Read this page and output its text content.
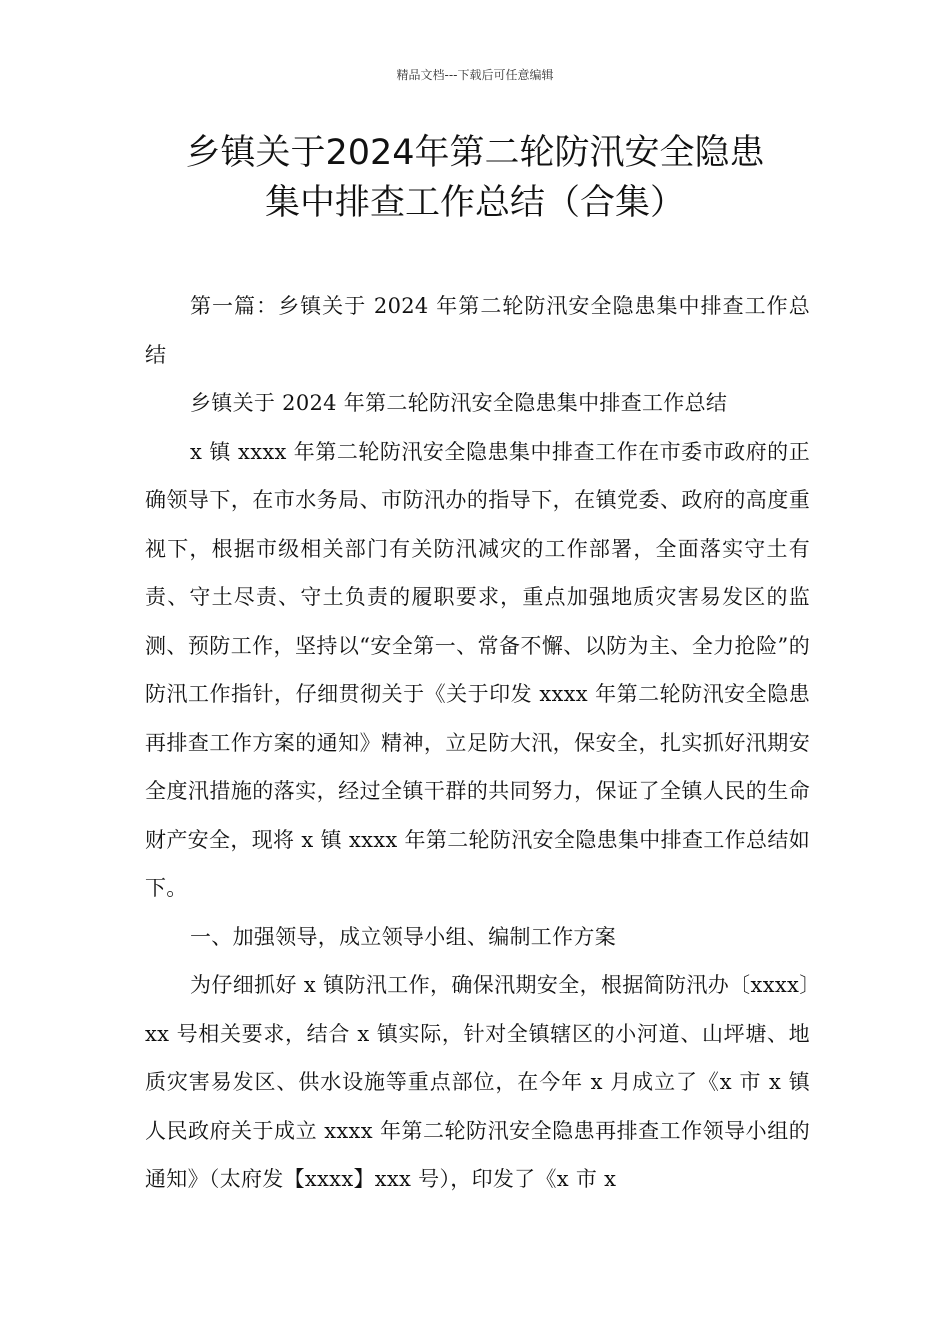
精品文档---下载后可任意编辑
乡镇关于2024年第二轮防汛安全隐患
集中排查工作总结（合集）

第一篇：乡镇关于 2024 年第二轮防汛安全隐患集中排查工作总结

乡镇关于 2024 年第二轮防汛安全隐患集中排查工作总结

x 镇 xxxx 年第二轮防汛安全隐患集中排查工作在市委市政府的正确领导下，在市水务局、市防汛办的指导下，在镇党委、政府的高度重视下，根据市级相关部门有关防汛减灾的工作部署，全面落实守土有责、守土尽责、守土负责的履职要求，重点加强地质灾害易发区的监测、预防工作，坚持以“安全第一、常备不懈、以防为主、全力抢险”的防汛工作指针，仔细贯彻关于《关于印发 xxxx 年第二轮防汛安全隐患再排查工作方案的通知》精神，立足防大汛，保安全，扎实抓好汛期安全度汛措施的落实，经过全镇干群的共同努力，保证了全镇人民的生命财产安全，现将 x 镇 xxxx 年第二轮防汛安全隐患集中排查工作总结如下。

一、加强领导，成立领导小组、编制工作方案

为仔细抓好 x 镇防汛工作，确保汛期安全，根据简防汛办〔xxxx〕xx 号相关要求，结合 x 镇实际，针对全镇辖区的小河道、山坪塘、地质灾害易发区、供水设施等重点部位，在今年 x 月成立了《x 市 x 镇人民政府关于成立 xxxx 年第二轮防汛安全隐患再排查工作领导小组的通知》（太府发【xxxx】xxx 号），印发了《x 市 x
